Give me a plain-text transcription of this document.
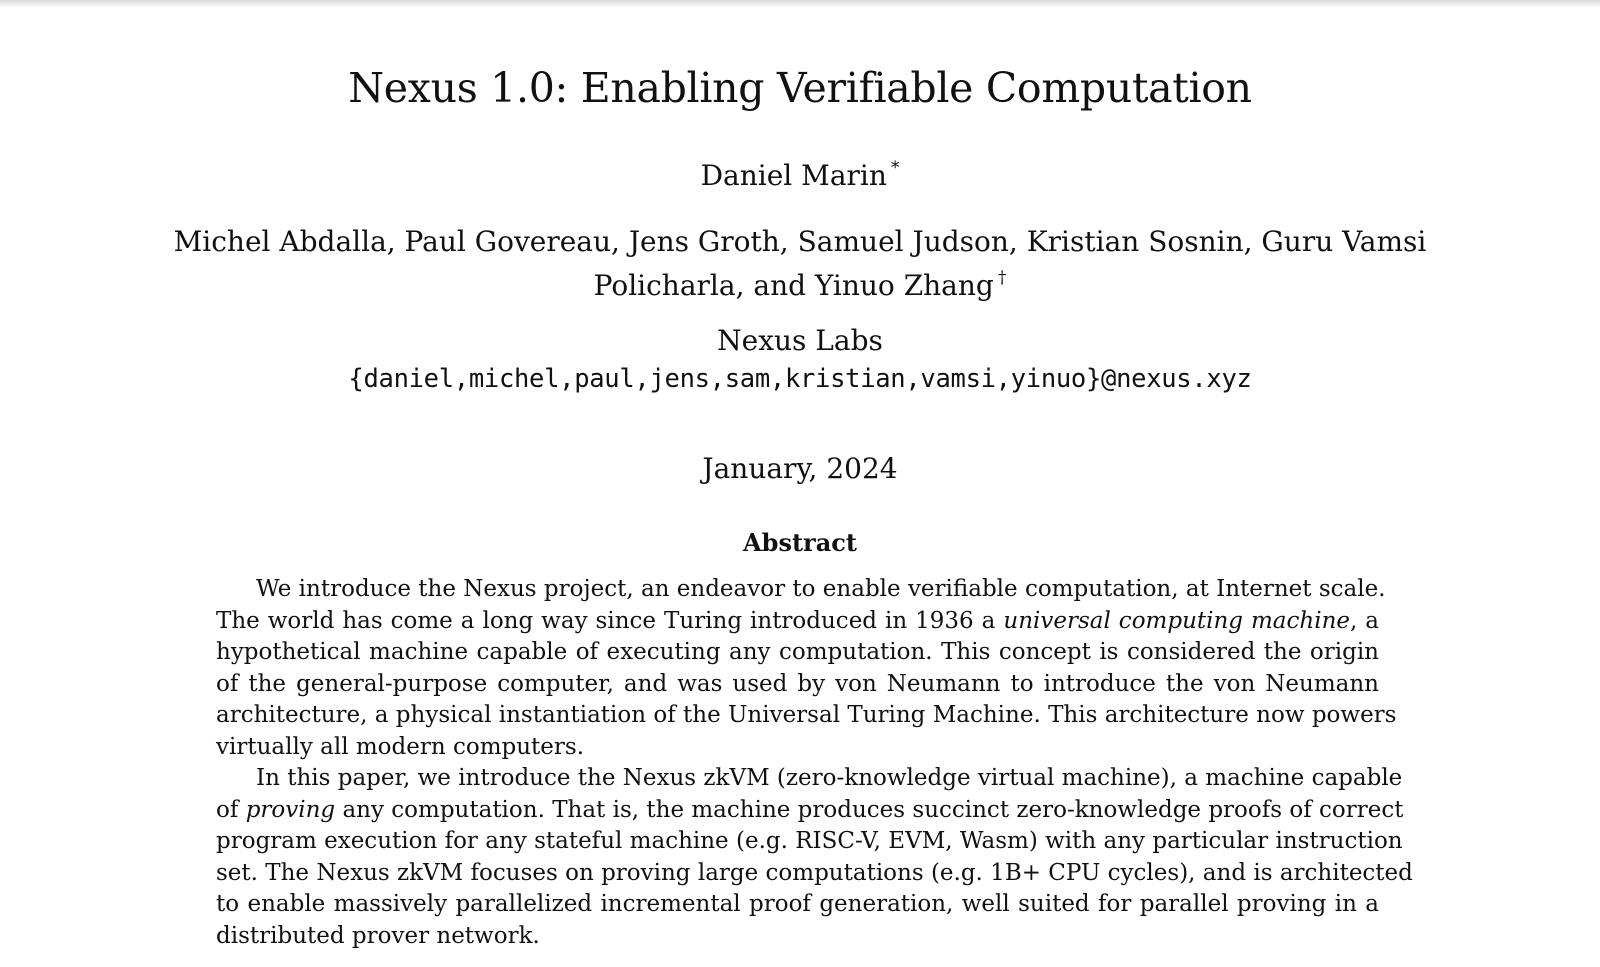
Nexus 1.0: Enabling Verifiable Computation
Daniel Marin *
Michel Abdalla, Paul Govereau, Jens Groth, Samuel Judson, Kristian Sosnin, Guru Vamsi
Policharla, and Yinuo Zhang †
Nexus Labs
{daniel,michel,paul,jens,sam,kristian,vamsi,yinuo}@nexus.xyz
January, 2024
Abstract
We introduce the Nexus project, an endeavor to enable verifiable computation, at Internet scale.
The world has come a long way since Turing introduced in 1936 a universal computing machine, a
hypothetical machine capable of executing any computation. This concept is considered the origin
of the general-purpose computer, and was used by von Neumann to introduce the von Neumann
architecture, a physical instantiation of the Universal Turing Machine. This architecture now powers
virtually all modern computers.
In this paper, we introduce the Nexus zkVM (zero-knowledge virtual machine), a machine capable
of proving any computation. That is, the machine produces succinct zero-knowledge proofs of correct
program execution for any stateful machine (e.g. RISC-V, EVM, Wasm) with any particular instruction
set. The Nexus zkVM focuses on proving large computations (e.g. 1B+ CPU cycles), and is architected
to enable massively parallelized incremental proof generation, well suited for parallel proving in a
distributed prover network.
